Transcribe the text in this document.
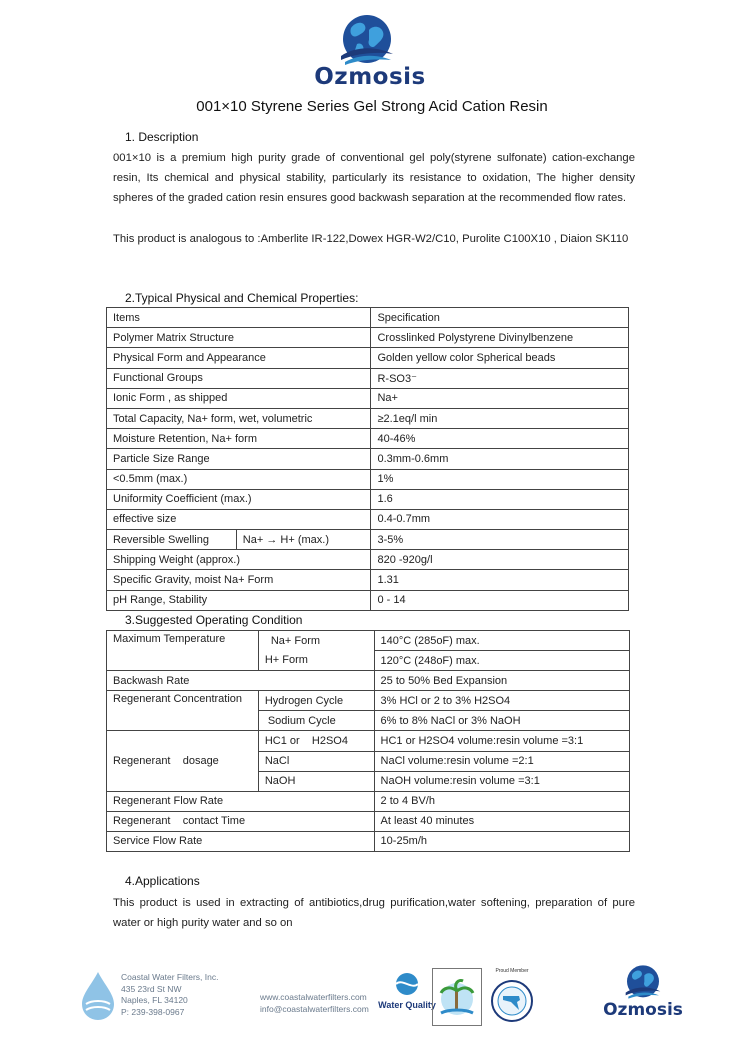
Ozmosis
001×10 Styrene Series Gel Strong Acid Cation Resin
1. Description
001×10 is a premium high purity grade of conventional gel poly(styrene sulfonate) cation-exchange resin, Its chemical and physical stability, particularly its resistance to oxidation, The higher density spheres of the graded cation resin ensures good backwash separation at the recommended flow rates.
This product is analogous to :Amberlite IR-122,Dowex HGR-W2/C10, Purolite C100X10 , Diaion SK110
2.Typical Physical and Chemical Properties:
Items		Specification
Polymer Matrix Structure		Crosslinked Polystyrene Divinylbenzene
Physical Form and Appearance		Golden yellow color Spherical beads
Functional Groups		R-SO3⁻
Ionic Form , as shipped		Na+
Total Capacity, Na+ form, wet, volumetric		≥2.1eq/l min
Moisture Retention, Na+ form		40-46%
Particle Size Range		0.3mm-0.6mm
<0.5mm (max.)		1%
Uniformity Coefficient (max.)		1.6
effective size		0.4-0.7mm
Reversible Swelling	Na+ → H+ (max.)	3-5%
Shipping Weight (approx.)		820 -920g/l
Specific Gravity, moist Na+ Form		1.31
pH Range, Stability		0 - 14
3.Suggested Operating Condition
Maximum Temperature	Na+ Form	140°C (285oF) max.
	H+ Form	120°C (248oF) max.
Backwash Rate		25 to 50% Bed Expansion
Regenerant Concentration	Hydrogen Cycle	3% HCl or 2 to 3% H2SO4
	Sodium Cycle	6% to 8% NaCl or 3% NaOH
Regenerant    dosage	HC1 or    H2SO4	HC1 or H2SO4 volume:resin volume =3:1
	NaCl	NaCl volume:resin volume =2:1
	NaOH	NaOH volume:resin volume =3:1
Regenerant Flow Rate		2 to 4 BV/h
Regenerant    contact Time		At least 40 minutes
Service Flow Rate		10-25m/h
4.Applications
This product is used in extracting of antibiotics,drug purification,water softening, preparation of pure water or high purity water and so on
Coastal Water Filters, Inc.
435 23rd St NW
Naples, FL 34120
P: 239-398-0967
www.coastalwaterfilters.com
info@coastalwaterfilters.com Water Quality
Proud Member
Ozmosis
